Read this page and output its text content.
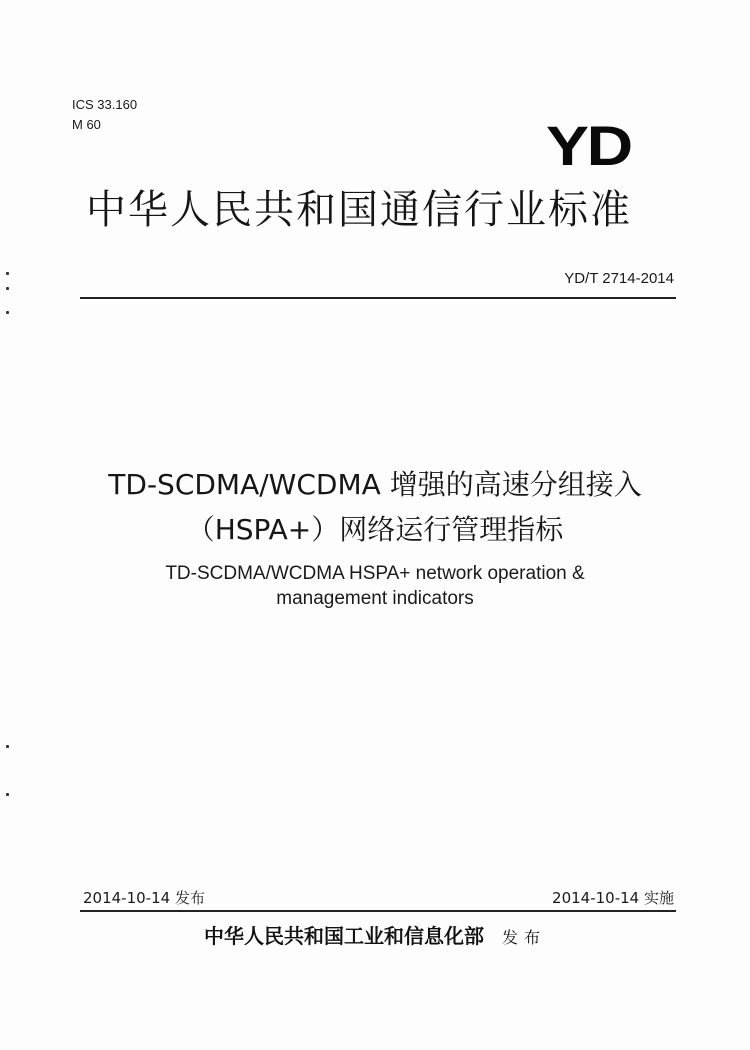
ICS 33.160
M 60	YD
中华人民共和国通信行业标准
YD/T 2714-2014
TD-SCDMA/WCDMA 增强的高速分组接入
（HSPA+）网络运行管理指标
TD-SCDMA/WCDMA HSPA+ network operation &
management indicators
2014-10-14 发布	2014-10-14 实施
中华人民共和国工业和信息化部 发布
